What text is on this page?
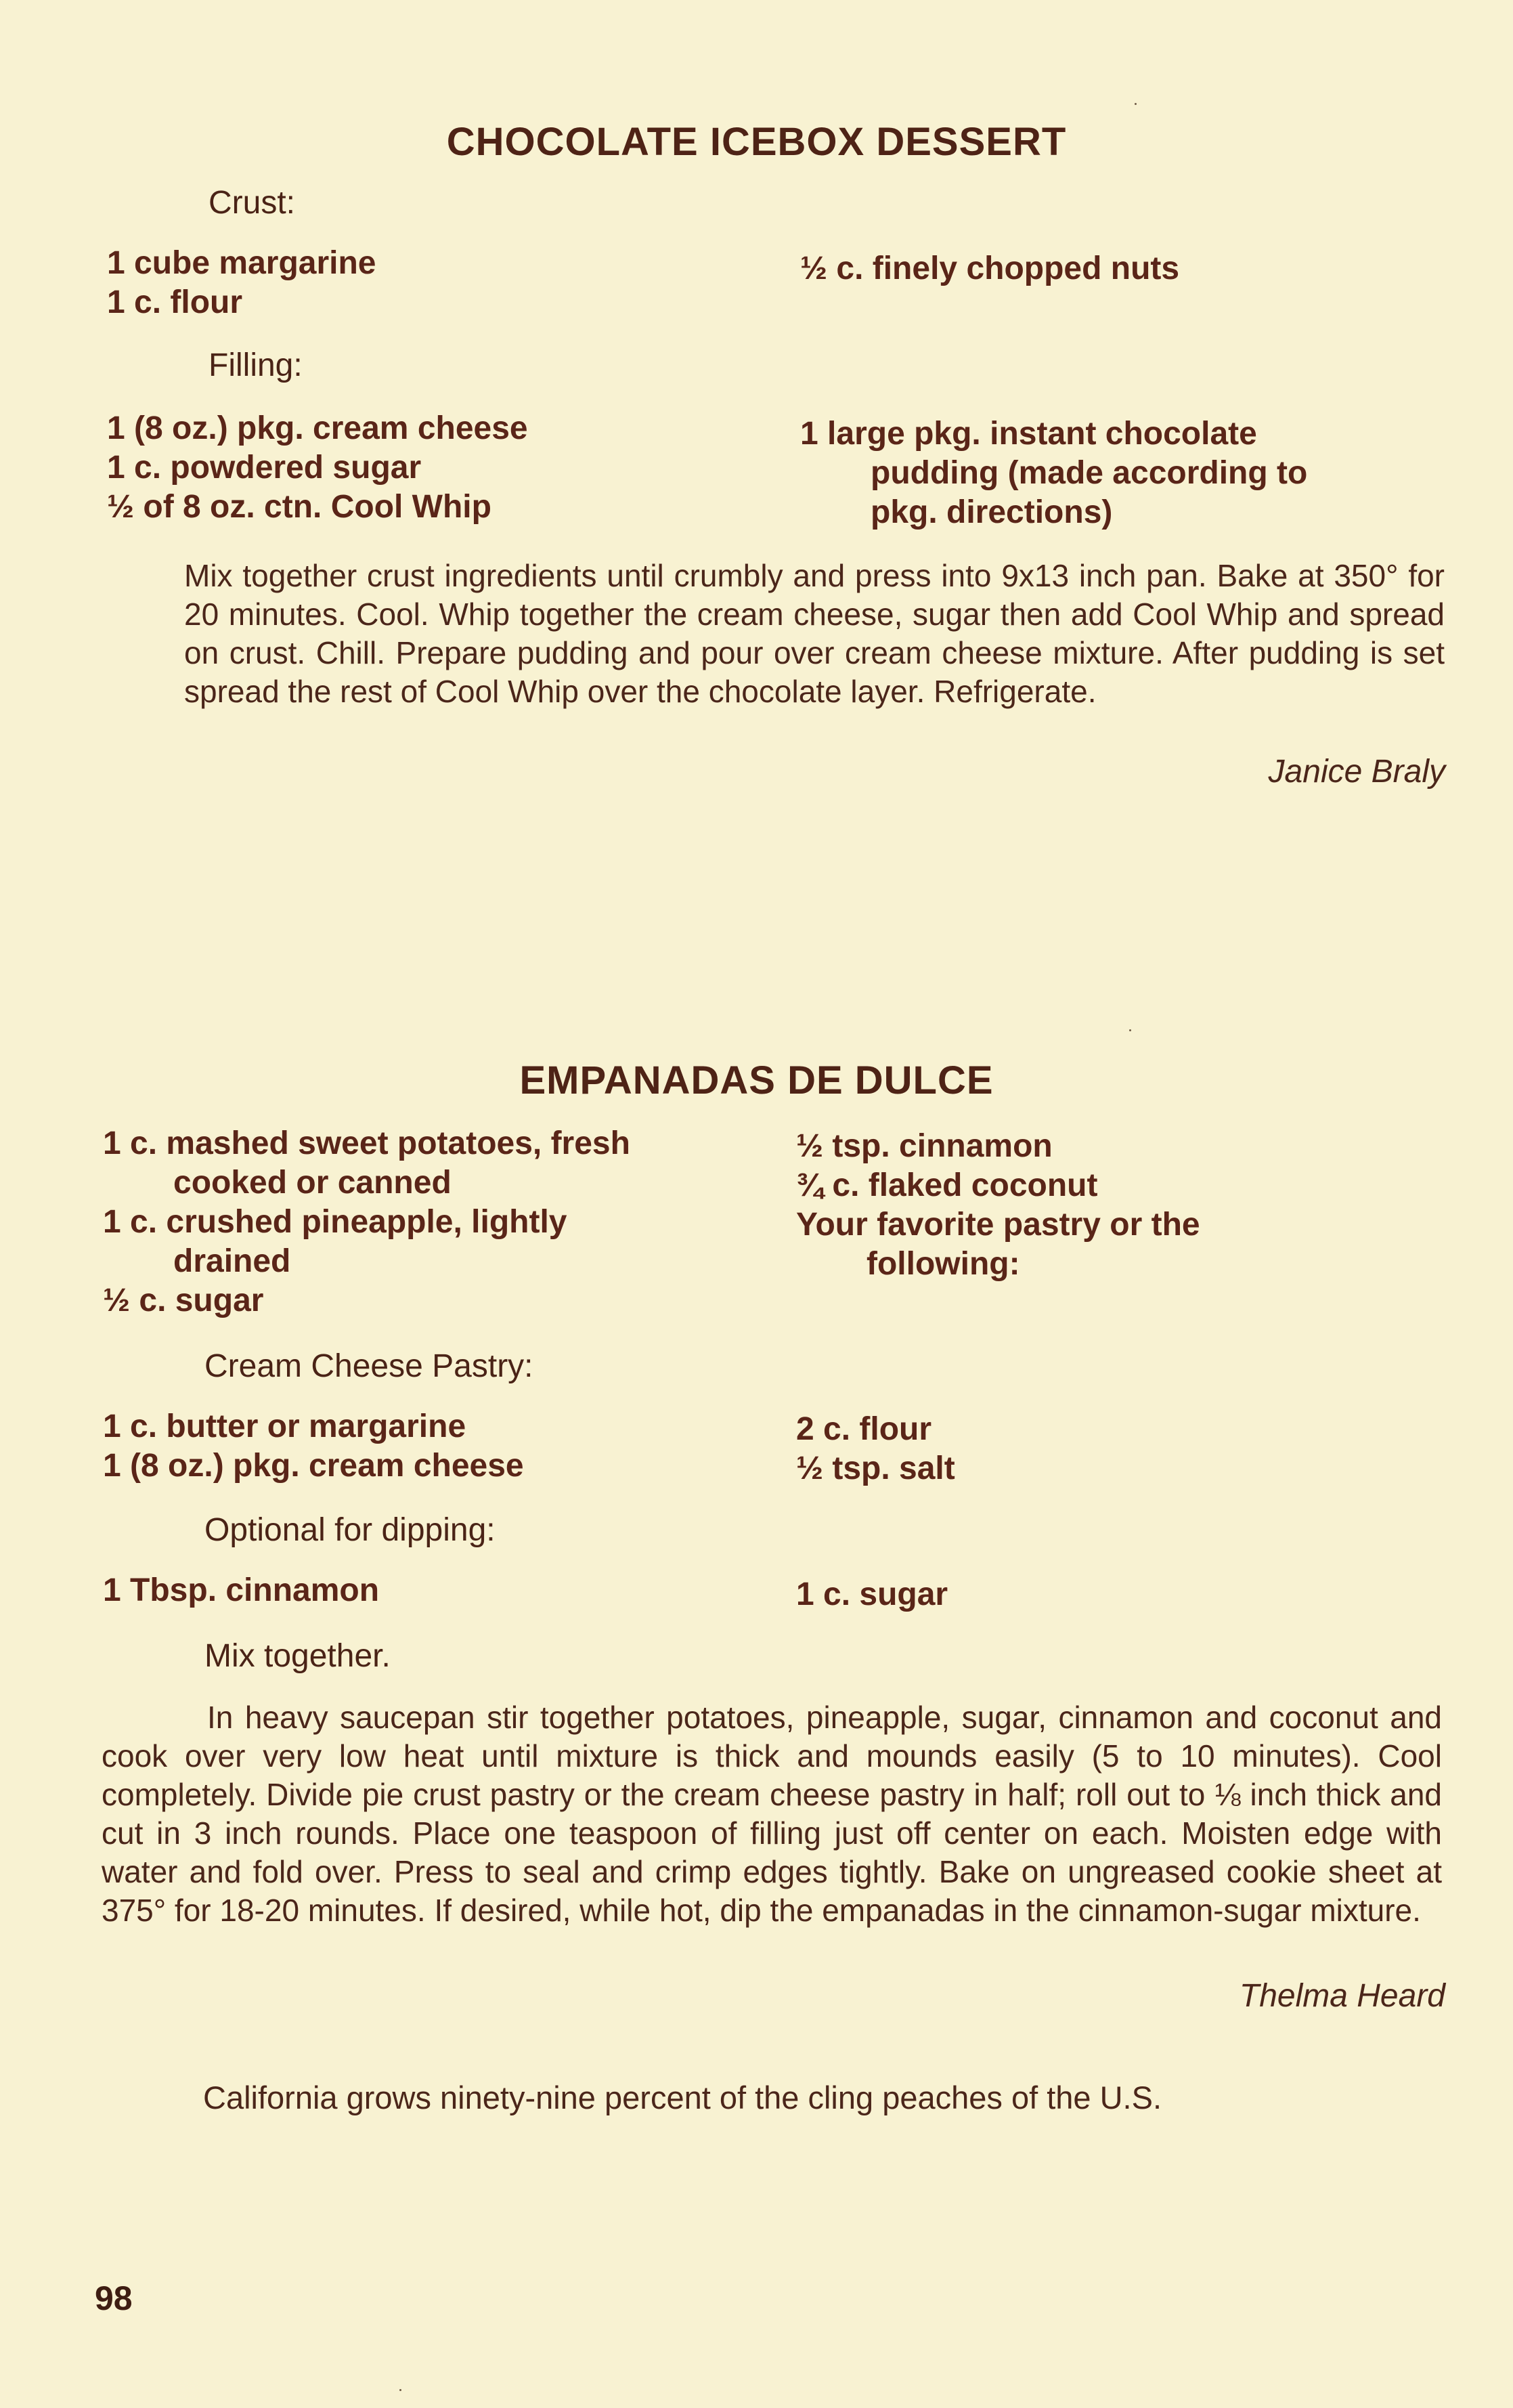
CHOCOLATE ICEBOX DESSERT
Crust:
1 cube margarine
1 c. flour
½ c. finely chopped nuts
Filling:
1 (8 oz.) pkg. cream cheese
1 c. powdered sugar
½ of 8 oz. ctn. Cool Whip
1 large pkg. instant chocolate
pudding (made according to
pkg. directions)
Mix together crust ingredients until crumbly and press into 9x13 inch pan. Bake at 350° for 20 minutes. Cool. Whip together the cream cheese, sugar then add Cool Whip and spread on crust. Chill. Prepare pudding and pour over cream cheese mixture. After pudding is set spread the rest of Cool Whip over the chocolate layer. Refrigerate.
Janice Braly
EMPANADAS DE DULCE
1 c. mashed sweet potatoes, fresh
cooked or canned
1 c. crushed pineapple, lightly
drained
½ c. sugar
½ tsp. cinnamon
¾ c. flaked coconut
Your favorite pastry or the
following:
Cream Cheese Pastry:
1 c. butter or margarine
1 (8 oz.) pkg. cream cheese
2 c. flour
½ tsp. salt
Optional for dipping:
1 Tbsp. cinnamon	1 c. sugar
Mix together.
In heavy saucepan stir together potatoes, pineapple, sugar, cinnamon and coconut and cook over very low heat until mixture is thick and mounds easily (5 to 10 minutes). Cool completely. Divide pie crust pastry or the cream cheese pastry in half; roll out to ⅛ inch thick and cut in 3 inch rounds. Place one teaspoon of filling just off center on each. Moisten edge with water and fold over. Press to seal and crimp edges tightly. Bake on ungreased cookie sheet at 375° for 18-20 minutes. If desired, while hot, dip the empanadas in the cinnamon-sugar mixture.
Thelma Heard
California grows ninety-nine percent of the cling peaches of the U.S.
98
